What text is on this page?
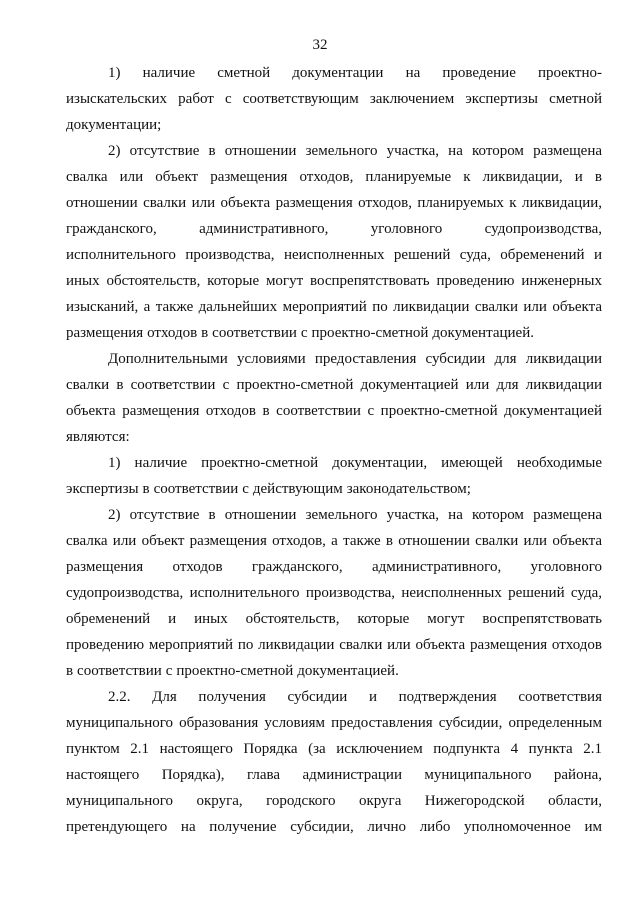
32
1) наличие сметной документации на проведение проектно-
изыскательских работ с соответствующим заключением экспертизы сметной
документации;
2) отсутствие в отношении земельного участка, на котором размещена
свалка или объект размещения отходов, планируемые к ликвидации, и в
отношении свалки или объекта размещения отходов, планируемых к ликвидации,
гражданского, административного, уголовного судопроизводства,
исполнительного производства, неисполненных решений суда, обременений и
иных обстоятельств, которые могут воспрепятствовать проведению инженерных
изысканий, а также дальнейших мероприятий по ликвидации свалки или объекта
размещения отходов в соответствии с проектно-сметной документацией.
Дополнительными условиями предоставления субсидии для ликвидации
свалки в соответствии с проектно-сметной документацией или для ликвидации
объекта размещения отходов в соответствии с проектно-сметной документацией
являются:
1) наличие проектно-сметной документации, имеющей необходимые
экспертизы в соответствии с действующим законодательством;
2) отсутствие в отношении земельного участка, на котором размещена
свалка или объект размещения отходов, а также в отношении свалки или объекта
размещения отходов гражданского, административного, уголовного
судопроизводства, исполнительного производства, неисполненных решений суда,
обременений и иных обстоятельств, которые могут воспрепятствовать
проведению мероприятий по ликвидации свалки или объекта размещения отходов
в соответствии с проектно-сметной документацией.
2.2. Для получения субсидии и подтверждения соответствия
муниципального образования условиям предоставления субсидии, определенным
пунктом 2.1 настоящего Порядка (за исключением подпункта 4 пункта 2.1
настоящего Порядка), глава администрации муниципального района,
муниципального округа, городского округа Нижегородской области,
претендующего на получение субсидии, лично либо уполномоченное им
